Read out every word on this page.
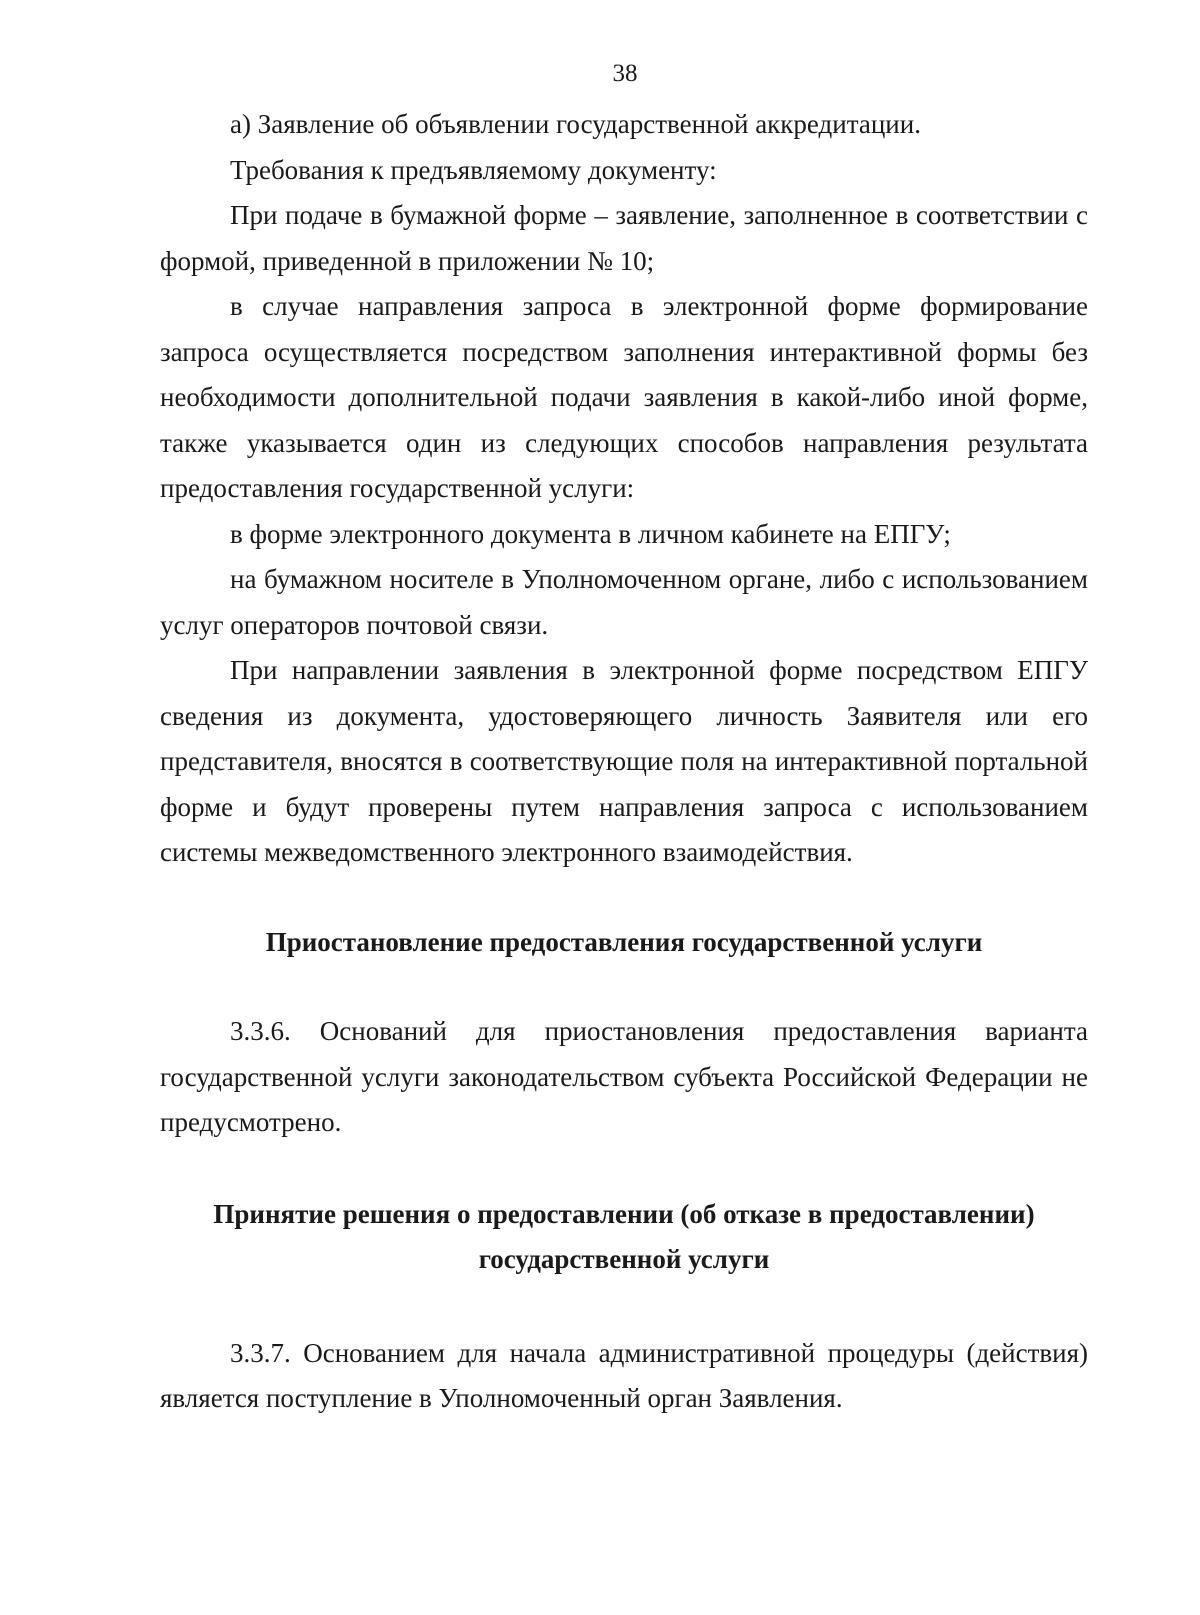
38

а) Заявление об объявлении государственной аккредитации.

Требования к предъявляемому документу:

При подаче в бумажной форме – заявление, заполненное в соответствии с формой, приведенной в приложении № 10;

в случае направления запроса в электронной форме формирование запроса осуществляется посредством заполнения интерактивной формы без необходимости дополнительной подачи заявления в какой-либо иной форме, также указывается один из следующих способов направления результата предоставления государственной услуги:

в форме электронного документа в личном кабинете на ЕПГУ;

на бумажном носителе в Уполномоченном органе, либо с использованием услуг операторов почтовой связи.

При направлении заявления в электронной форме посредством ЕПГУ сведения из документа, удостоверяющего личность Заявителя или его представителя, вносятся в соответствующие поля на интерактивной портальной форме и будут проверены путем направления запроса с использованием системы межведомственного электронного взаимодействия.

Приостановление предоставления государственной услуги

3.3.6. Оснований для приостановления предоставления варианта государственной услуги законодательством субъекта Российской Федерации не предусмотрено.

Принятие решения о предоставлении (об отказе в предоставлении)

государственной услуги

3.3.7. Основанием для начала административной процедуры (действия) является поступление в Уполномоченный орган Заявления.
